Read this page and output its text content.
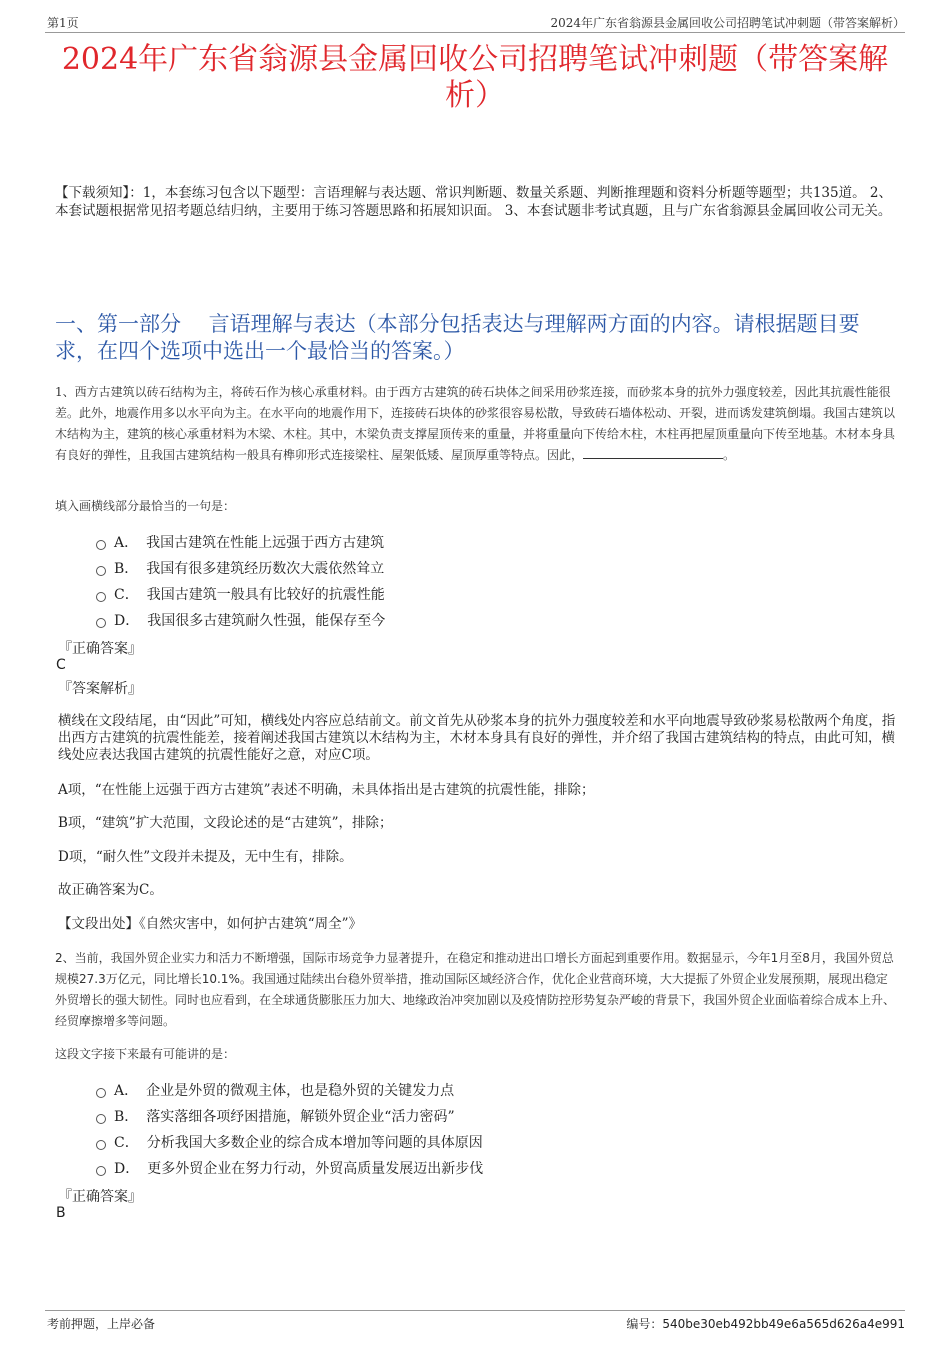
第1页	2024年广东省翁源县金属回收公司招聘笔试冲刺题（带答案解析）
2024年广东省翁源县金属回收公司招聘笔试冲刺题（带答案解析）
【下载须知】：1，本套练习包含以下题型：言语理解与表达题、常识判断题、数量关系题、判断推理题和资料分析题等题型；共135道。 2、本套试题根据常见招考题总结归纳，主要用于练习答题思路和拓展知识面。 3、本套试题非考试真题，且与广东省翁源县金属回收公司无关。
一、第一部分　 言语理解与表达（本部分包括表达与理解两方面的内容。请根据题目要求，在四个选项中选出一个最恰当的答案。）
1、西方古建筑以砖石结构为主，将砖石作为核心承重材料。由于西方古建筑的砖石块体之间采用砂浆连接，而砂浆本身的抗外力强度较差，因此其抗震性能很差。此外，地震作用多以水平向为主。在水平向的地震作用下，连接砖石块体的砂浆很容易松散，导致砖石墙体松动、开裂，进而诱发建筑倒塌。我国古建筑以木结构为主，建筑的核心承重材料为木梁、木柱。其中，木梁负责支撑屋顶传来的重量，并将重量向下传给木柱，木柱再把屋顶重量向下传至地基。木材本身具有良好的弹性，且我国古建筑结构一般具有榫卯形式连接梁柱、屋架低矮、屋顶厚重等特点。因此，	。
填入画横线部分最恰当的一句是：
A． 我国古建筑在性能上远强于西方古建筑
B． 我国有很多建筑经历数次大震依然耸立
C． 我国古建筑一般具有比较好的抗震性能
D． 我国很多古建筑耐久性强，能保存至今
『正确答案』
C
『答案解析』
横线在文段结尾，由“因此”可知，横线处内容应总结前文。前文首先从砂浆本身的抗外力强度较差和水平向地震导致砂浆易松散两个角度，指出西方古建筑的抗震性能差，接着阐述我国古建筑以木结构为主，木材本身具有良好的弹性，并介绍了我国古建筑结构的特点，由此可知，横线处应表达我国古建筑的抗震性能好之意，对应C项。
A项，“在性能上远强于西方古建筑”表述不明确，未具体指出是古建筑的抗震性能，排除；
B项，“建筑”扩大范围，文段论述的是“古建筑”，排除；
D项，“耐久性”文段并未提及，无中生有，排除。
故正确答案为C。
【文段出处】《自然灾害中，如何护古建筑“周全”》
2、当前，我国外贸企业实力和活力不断增强，国际市场竞争力显著提升，在稳定和推动进出口增长方面起到重要作用。数据显示，今年1月至8月，我国外贸总规模27.3万亿元，同比增长10.1%。我国通过陆续出台稳外贸举措，推动国际区域经济合作，优化企业营商环境，大大提振了外贸企业发展预期，展现出稳定外贸增长的强大韧性。同时也应看到，在全球通货膨胀压力加大、地缘政治冲突加剧以及疫情防控形势复杂严峻的背景下，我国外贸企业面临着综合成本上升、经贸摩擦增多等问题。
这段文字接下来最有可能讲的是：
A． 企业是外贸的微观主体，也是稳外贸的关键发力点
B． 落实落细各项纾困措施，解锁外贸企业“活力密码”
C． 分析我国大多数企业的综合成本增加等问题的具体原因
D． 更多外贸企业在努力行动，外贸高质量发展迈出新步伐
『正确答案』
B
考前押题，上岸必备	编号：540be30eb492bb49e6a565d626a4e991
